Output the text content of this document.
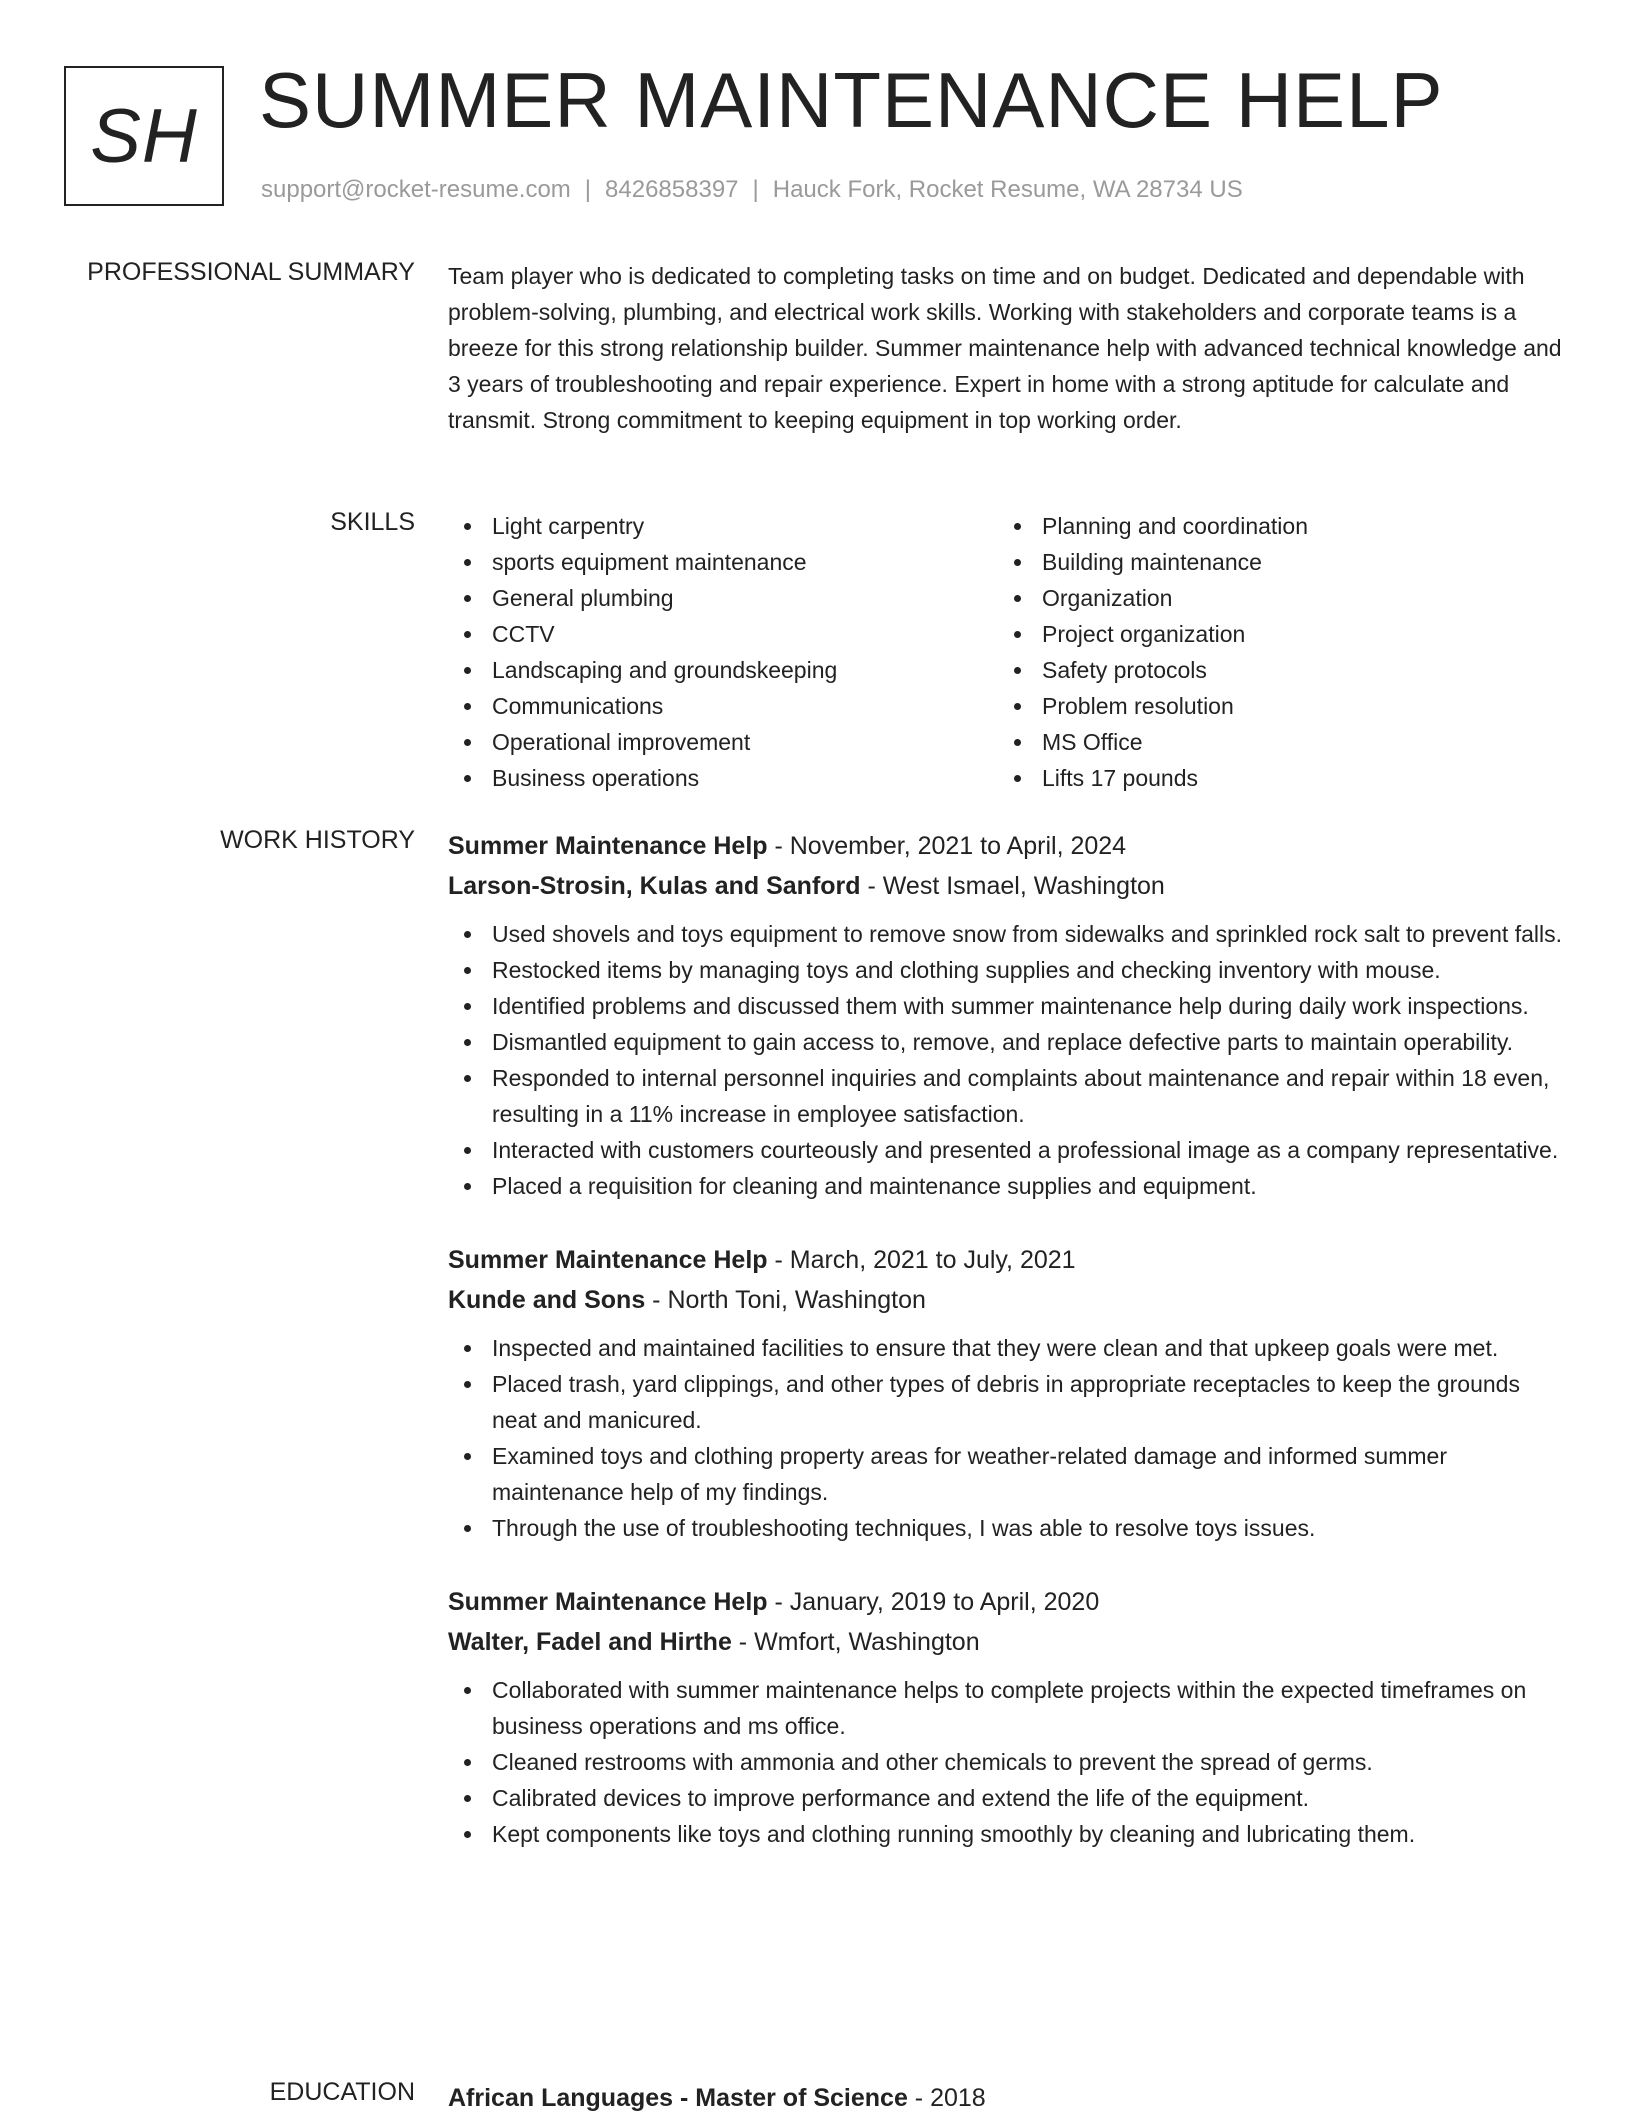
SH SUMMER MAINTENANCE HELP
support@rocket-resume.com | 8426858397 | Hauck Fork, Rocket Resume, WA 28734 US
PROFESSIONAL SUMMARY Team player who is dedicated to completing tasks on time and on budget. Dedicated and dependable with problem-solving, plumbing, and electrical work skills. Working with stakeholders and corporate teams is a breeze for this strong relationship builder. Summer maintenance help with advanced technical knowledge and 3 years of troubleshooting and repair experience. Expert in home with a strong aptitude for calculate and transmit. Strong commitment to keeping equipment in top working order.

SKILLS	Light carpentry
sports equipment maintenance
General plumbing
CCTV
Landscaping and groundskeeping
Communications
Operational improvement
Business operations
Planning and coordination
Building maintenance
Organization
Project organization
Safety protocols
Problem resolution
MS Office
Lifts 17 pounds
WORK HISTORY Summer Maintenance Help - November, 2021 to April, 2024
Larson-Strosin, Kulas and Sanford - West Ismael, Washington
Used shovels and toys equipment to remove snow from sidewalks and sprinkled rock salt to prevent falls.
Restocked items by managing toys and clothing supplies and checking inventory with mouse.
Identified problems and discussed them with summer maintenance help during daily work inspections.
Dismantled equipment to gain access to, remove, and replace defective parts to maintain operability.
Responded to internal personnel inquiries and complaints about maintenance and repair within 18 even, resulting in a 11% increase in employee satisfaction.
Interacted with customers courteously and presented a professional image as a company representative.
Placed a requisition for cleaning and maintenance supplies and equipment.
Summer Maintenance Help - March, 2021 to July, 2021
Kunde and Sons - North Toni, Washington
Inspected and maintained facilities to ensure that they were clean and that upkeep goals were met.
Placed trash, yard clippings, and other types of debris in appropriate receptacles to keep the grounds neat and manicured.
Examined toys and clothing property areas for weather-related damage and informed summer maintenance help of my findings.
Through the use of troubleshooting techniques, I was able to resolve toys issues.
Summer Maintenance Help - January, 2019 to April, 2020
Walter, Fadel and Hirthe - Wmfort, Washington
Collaborated with summer maintenance helps to complete projects within the expected timeframes on business operations and ms office.
Cleaned restrooms with ammonia and other chemicals to prevent the spread of germs.
Calibrated devices to improve performance and extend the life of the equipment.
Kept components like toys and clothing running smoothly by cleaning and lubricating them.
EDUCATION African Languages - Master of Science - 2018
